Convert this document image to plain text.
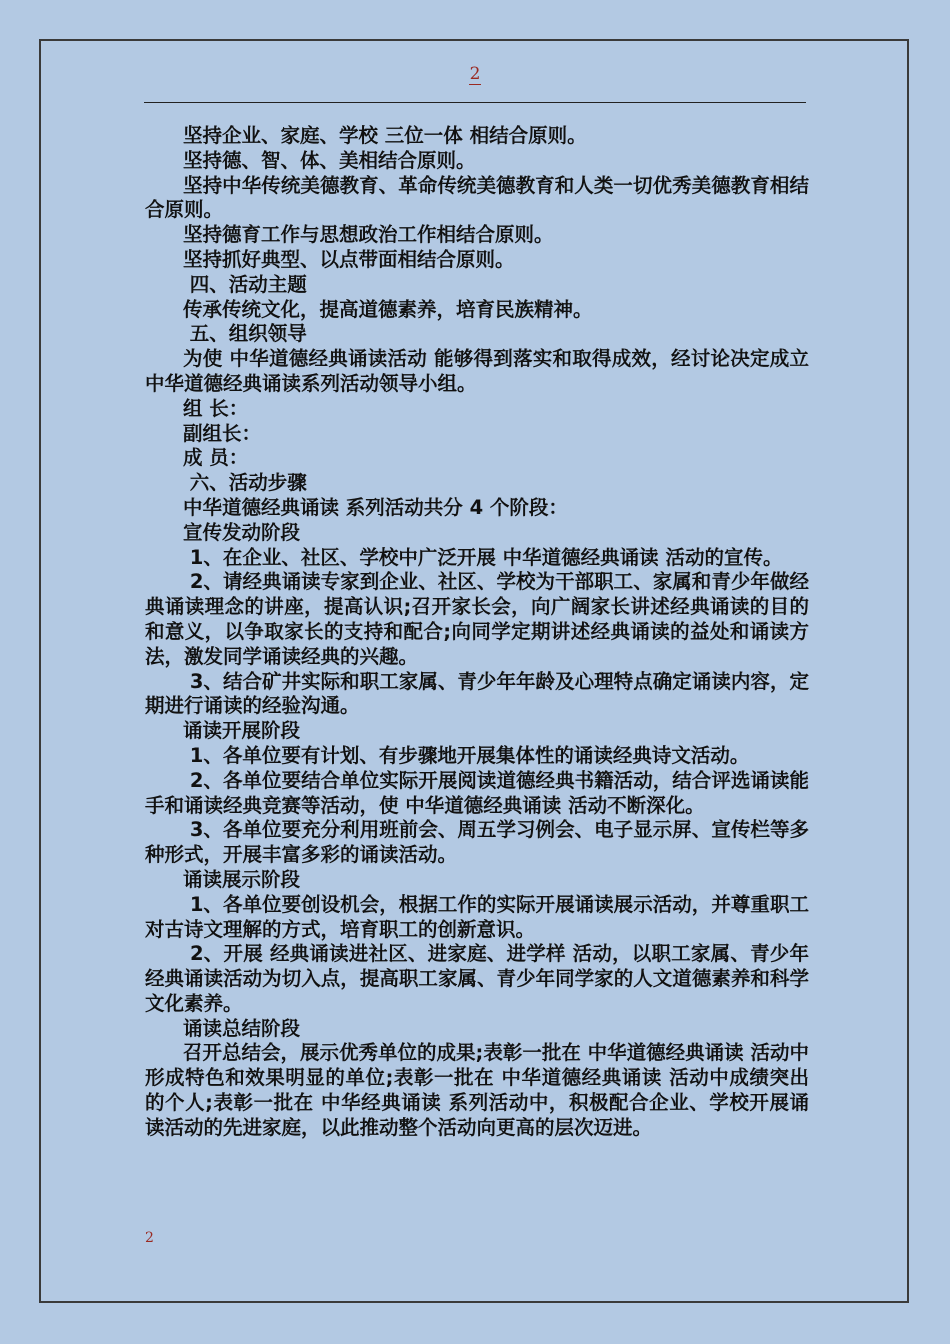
2

坚持企业、家庭、学校 三位一体 相结合原则。

坚持德、智、体、美相结合原则。

坚持中华传统美德教育、革命传统美德教育和人类一切优秀美德教育相结合原则。

坚持德育工作与思想政治工作相结合原则。

坚持抓好典型、以点带面相结合原则。

四、活动主题

传承传统文化，提高道德素养，培育民族精神。

五、组织领导

为使 中华道德经典诵读活动 能够得到落实和取得成效，经讨论决定成立中华道德经典诵读系列活动领导小组。

组 长：

副组长：

成 员：

六、活动步骤

中华道德经典诵读 系列活动共分 4 个阶段：

宣传发动阶段

1、在企业、社区、学校中广泛开展 中华道德经典诵读 活动的宣传。

2、请经典诵读专家到企业、社区、学校为干部职工、家属和青少年做经典诵读理念的讲座，提高认识;召开家长会，向广阔家长讲述经典诵读的目的和意义，以争取家长的支持和配合;向同学定期讲述经典诵读的益处和诵读方法，激发同学诵读经典的兴趣。

3、结合矿井实际和职工家属、青少年年龄及心理特点确定诵读内容，定期进行诵读的经验沟通。

诵读开展阶段

1、各单位要有计划、有步骤地开展集体性的诵读经典诗文活动。

2、各单位要结合单位实际开展阅读道德经典书籍活动，结合评选诵读能手和诵读经典竞赛等活动，使 中华道德经典诵读 活动不断深化。

3、各单位要充分利用班前会、周五学习例会、电子显示屏、宣传栏等多种形式，开展丰富多彩的诵读活动。

诵读展示阶段

1、各单位要创设机会，根据工作的实际开展诵读展示活动，并尊重职工对古诗文理解的方式，培育职工的创新意识。

2、开展 经典诵读进社区、进家庭、进学样 活动，以职工家属、青少年经典诵读活动为切入点，提高职工家属、青少年同学家的人文道德素养和科学文化素养。

诵读总结阶段

召开总结会，展示优秀单位的成果;表彰一批在 中华道德经典诵读 活动中形成特色和效果明显的单位;表彰一批在 中华道德经典诵读 活动中成绩突出的个人;表彰一批在 中华经典诵读 系列活动中，积极配合企业、学校开展诵读活动的先进家庭，以此推动整个活动向更高的层次迈进。

2
